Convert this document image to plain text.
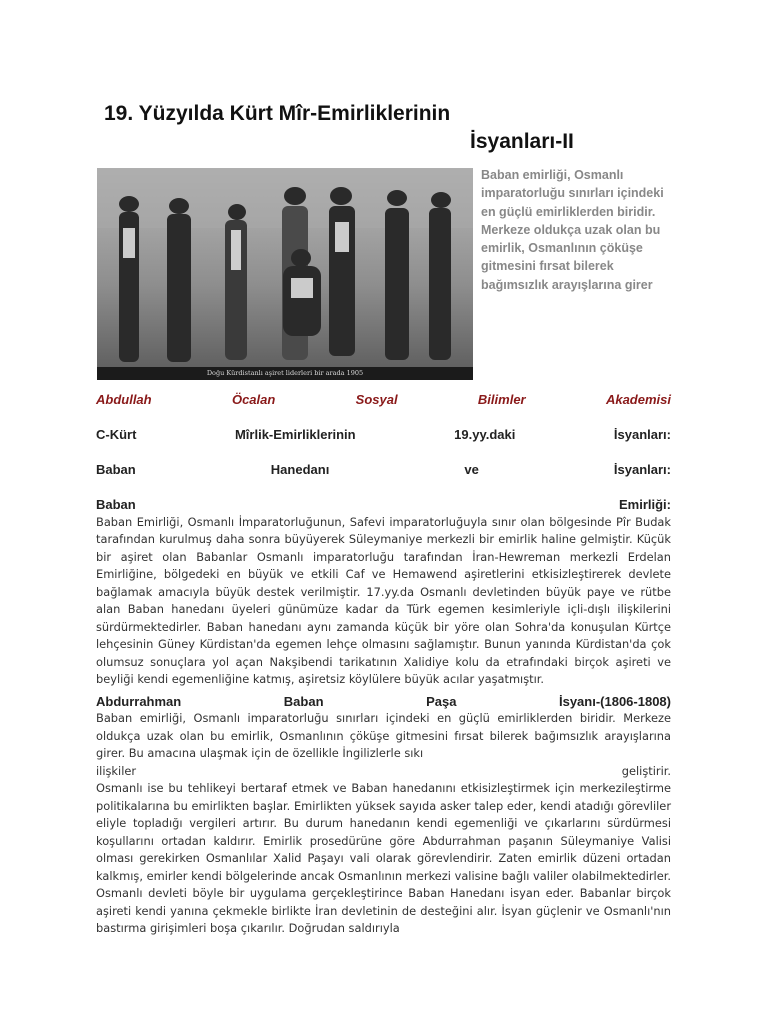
19. Yüzyılda Kürt Mîr-Emirliklerinin
İsyanları-II
Doğu Kürdistanlı aşiret liderleri bir arada 1905
Baban emirliği, Osmanlı imparatorluğu sınırları içindeki en güçlü emirliklerden biridir. Merkeze oldukça uzak olan bu emirlik, Osmanlının çöküşe gitmesini fırsat bilerek bağımsızlık arayışlarına girer
Abdullah	Öcalan	Sosyal	Bilimler	Akademisi
C-Kürt	Mîrlik-Emirliklerinin	19.yy.daki	İsyanları:
Baban	Hanedanı	ve	İsyanları:
Baban	Emirliği:
Baban Emirliği, Osmanlı İmparatorluğunun, Safevi imparatorluğuyla sınır olan bölgesinde Pîr Budak tarafından kurulmuş daha sonra büyüyerek Süleymaniye merkezli bir emirlik haline gelmiştir. Küçük bir aşiret olan Babanlar Osmanlı imparatorluğu tarafından İran-Hewreman merkezli Erdelan Emirliğine, bölgedeki en büyük ve etkili Caf ve Hemawend aşiretlerini etkisizleştirerek devlete bağlamak amacıyla büyük destek verilmiştir. 17.yy.da Osmanlı devletinden büyük paye ve rütbe alan Baban hanedanı üyeleri günümüze kadar da Türk egemen kesimleriyle içli-dışlı ilişkilerini sürdürmektedirler. Baban hanedanı aynı zamanda küçük bir yöre olan Sohra'da konuşulan Kürtçe lehçesinin Güney Kürdistan'da egemen lehçe olmasını sağlamıştır. Bunun yanında Kürdistan'da çok olumsuz sonuçlara yol açan Nakşibendi tarikatının Xalidiye kolu da etrafındaki birçok aşireti ve beyliği kendi egemenliğine katmış, aşiretsiz köylülere büyük acılar yaşatmıştır.
Abdurrahman	Baban	Paşa	İsyanı-(1806-1808)
Baban emirliği, Osmanlı imparatorluğu sınırları içindeki en güçlü emirliklerden biridir. Merkeze oldukça uzak olan bu emirlik, Osmanlının çöküşe gitmesini fırsat bilerek bağımsızlık arayışlarına girer. Bu amacına ulaşmak için de özellikle İngilizlerle sıkı
ilişkiler	geliştirir.
Osmanlı ise bu tehlikeyi bertaraf etmek ve Baban hanedanını etkisizleştirmek için merkezileştirme politikalarına bu emirlikten başlar. Emirlikten yüksek sayıda asker talep eder, kendi atadığı görevliler eliyle topladığı vergileri artırır. Bu durum hanedanın kendi egemenliği ve çıkarlarını sürdürmesi koşullarını ortadan kaldırır. Emirlik prosedürüne göre Abdurrahman paşanın Süleymaniye Valisi olması gerekirken Osmanlılar Xalid Paşayı vali olarak görevlendirir. Zaten emirlik düzeni ortadan kalkmış, emirler kendi bölgelerinde ancak Osmanlının merkezi valisine bağlı valiler olabilmektedirler. Osmanlı devleti böyle bir uygulama gerçekleştirince Baban Hanedanı isyan eder. Babanlar birçok aşireti kendi yanına çekmekle birlikte İran devletinin de desteğini alır. İsyan güçlenir ve Osmanlı'nın bastırma girişimleri boşa çıkarılır. Doğrudan saldırıyla
